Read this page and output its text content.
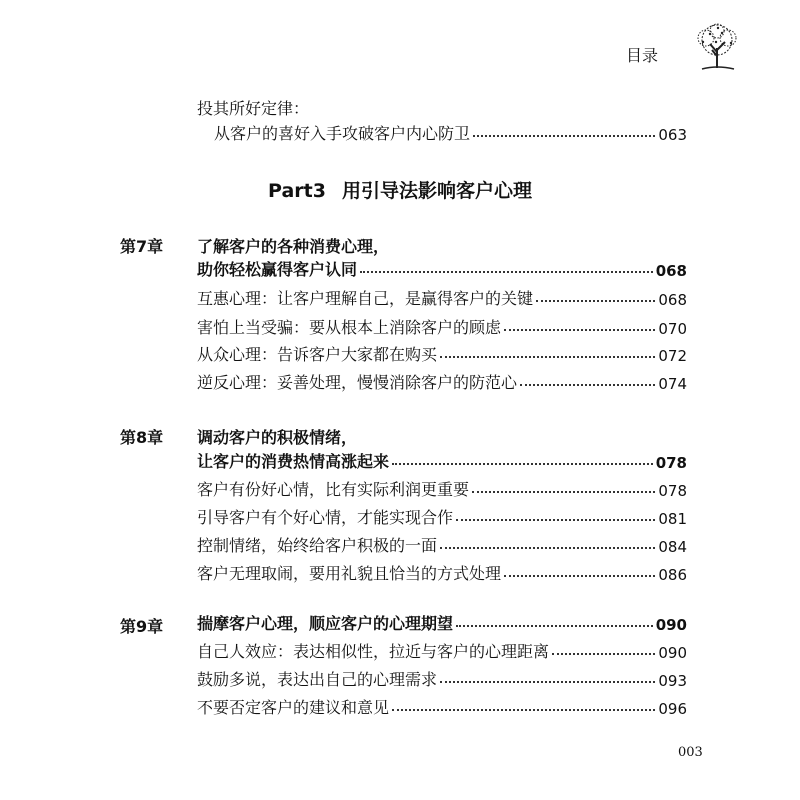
目录
投其所好定律：
从客户的喜好入手攻破客户内心防卫	063
Part3 用引导法影响客户心理
第7章 了解客户的各种消费心理，
助你轻松赢得客户认同	068
互惠心理：让客户理解自己，是赢得客户的关键	068
害怕上当受骗：要从根本上消除客户的顾虑	070
从众心理：告诉客户大家都在购买	072
逆反心理：妥善处理，慢慢消除客户的防范心	074
第8章 调动客户的积极情绪，
让客户的消费热情高涨起来	078
客户有份好心情，比有实际利润更重要	078
引导客户有个好心情，才能实现合作	081
控制情绪，始终给客户积极的一面	084
客户无理取闹，要用礼貌且恰当的方式处理	086
第9章 揣摩客户心理，顺应客户的心理期望	090
自己人效应：表达相似性，拉近与客户的心理距离	090
鼓励多说，表达出自己的心理需求	093
不要否定客户的建议和意见	096
003
